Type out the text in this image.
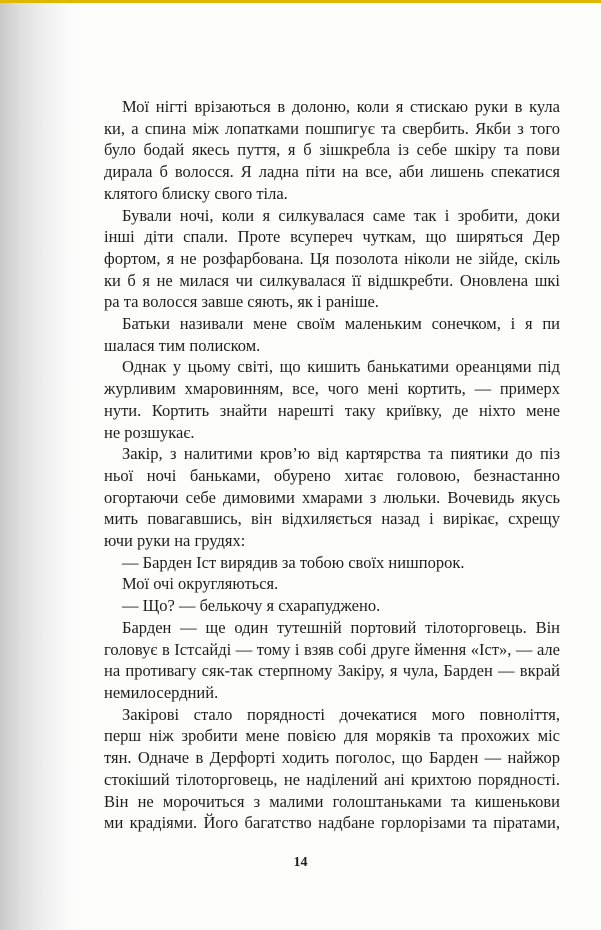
Мої нігті врізаються в долоню, коли я стискаю руки в кула
ки, а спина між лопатками пошпигує та свербить. Якби з того
було бодай якесь пуття, я б зішкребла із себе шкіру та пови
дирала б волосся. Я ладна піти на все, аби лишень спекатися
клятого блиску свого тіла.
Бували ночі, коли я силкувалася саме так і зробити, доки
інші діти спали. Проте всупереч чуткам, що ширяться Дер
фортом, я не розфарбована. Ця позолота ніколи не зійде, скіль
ки б я не милася чи силкувалася її відшкребти. Оновлена шкі
ра та волосся завше сяють, як і раніше.
Батьки називали мене своїм маленьким сонечком, і я пи
шалася тим полиском.
Однак у цьому світі, що кишить банькатими ореанцями під
журливим хмаровинням, все, чого мені кортить, — примерх
нути. Кортить знайти нарешті таку криївку, де ніхто мене
не розшукає.
Закір, з налитими кров’ю від картярства та пиятики до піз
ньої ночі баньками, обурено хитає головою, безнастанно
огортаючи себе димовими хмарами з люльки. Вочевидь якусь
мить повагавшись, він відхиляється назад і вирікає, схрещу
ючи руки на грудях:
— Барден Іст вирядив за тобою своїх нишпорок.
Мої очі округляються.
— Що? — белькочу я схарапуджено.
Барден — ще один тутешній портовий тілоторговець. Він
головує в Істсайді — тому і взяв собі друге ймення «Іст», — але
на противагу сяк-так стерпному Закіру, я чула, Барден — вкрай
немилосердний.
Закірові стало порядності дочекатися мого повноліття,
перш ніж зробити мене повією для моряків та прохожих міс
тян. Одначе в Дерфорті ходить поголос, що Барден — найжор
стокіший тілоторговець, не наділений ані крихтою порядності.
Він не морочиться з малими голоштаньками та кишенькови
ми крадіями. Його багатство надбане горлорізами та піратами,
14
